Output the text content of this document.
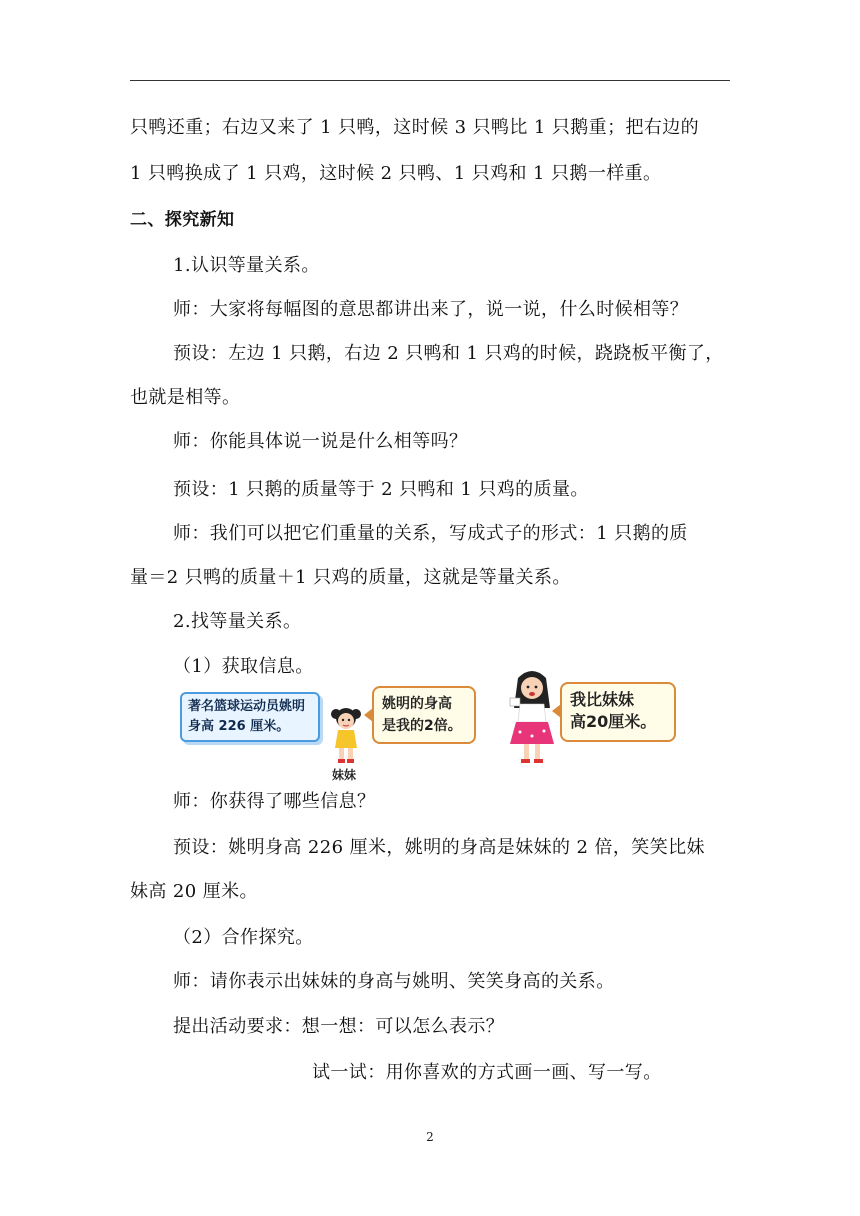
只鸭还重；右边又来了 1 只鸭，这时候 3 只鸭比 1 只鹅重；把右边的
1 只鸭换成了 1 只鸡，这时候 2 只鸭、1 只鸡和 1 只鹅一样重。
二、探究新知
1.认识等量关系。
师：大家将每幅图的意思都讲出来了，说一说，什么时候相等？
预设：左边 1 只鹅，右边 2 只鸭和 1 只鸡的时候，跷跷板平衡了，
也就是相等。
师：你能具体说一说是什么相等吗？
预设：1 只鹅的质量等于 2 只鸭和 1 只鸡的质量。
师：我们可以把它们重量的关系，写成式子的形式：1 只鹅的质
量＝2 只鸭的质量＋1 只鸡的质量，这就是等量关系。
2.找等量关系。
（1）获取信息。
著名篮球运动员姚明
身高 226 厘米。
妹妹
姚明的身高
是我的2倍。
我比妹妹
高20厘米。
师：你获得了哪些信息？
预设：姚明身高 226 厘米，姚明的身高是妹妹的 2 倍，笑笑比妹
妹高 20 厘米。
（2）合作探究。
师：请你表示出妹妹的身高与姚明、笑笑身高的关系。
提出活动要求：想一想：可以怎么表示？
试一试：用你喜欢的方式画一画、写一写。
2
